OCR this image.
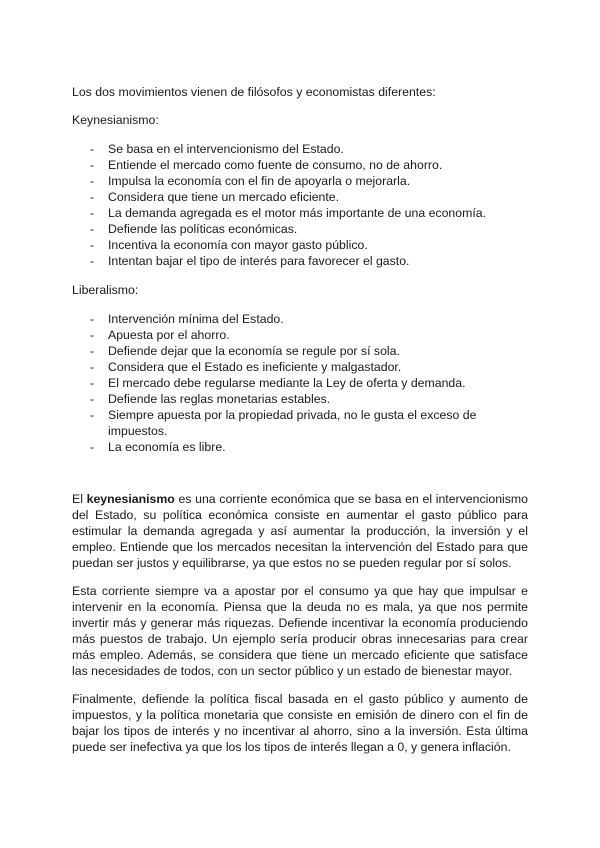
Los dos movimientos vienen de filósofos y economistas diferentes:

Keynesianismo:

- Se basa en el intervencionismo del Estado.
- Entiende el mercado como fuente de consumo, no de ahorro.
- Impulsa la economía con el fin de apoyarla o mejorarla.
- Considera que tiene un mercado eficiente.
- La demanda agregada es el motor más importante de una economía.
- Defiende las políticas económicas.
- Incentiva la economía con mayor gasto público.
- Intentan bajar el tipo de interés para favorecer el gasto.

Liberalismo:

- Intervención mínima del Estado.
- Apuesta por el ahorro.
- Defiende dejar que la economía se regule por sí sola.
- Considera que el Estado es ineficiente y malgastador.
- El mercado debe regularse mediante la Ley de oferta y demanda.
- Defiende las reglas monetarias estables.
- Siempre apuesta por la propiedad privada, no le gusta el exceso de impuestos.
- La economía es libre.

El keynesianismo es una corriente económica que se basa en el intervencionismo del Estado, su política económica consiste en aumentar el gasto público para estimular la demanda agregada y así aumentar la producción, la inversión y el empleo. Entiende que los mercados necesitan la intervención del Estado para que puedan ser justos y equilibrarse, ya que estos no se pueden regular por sí solos.

Esta corriente siempre va a apostar por el consumo ya que hay que impulsar e intervenir en la economía. Piensa que la deuda no es mala, ya que nos permite invertir más y generar más riquezas. Defiende incentivar la economía produciendo más puestos de trabajo. Un ejemplo sería producir obras innecesarias para crear más empleo. Además, se considera que tiene un mercado eficiente que satisface las necesidades de todos, con un sector público y un estado de bienestar mayor.

Finalmente, defiende la política fiscal basada en el gasto público y aumento de impuestos, y la política monetaria que consiste en emisión de dinero con el fin de bajar los tipos de interés y no incentivar al ahorro, sino a la inversión. Esta última puede ser inefectiva ya que los los tipos de interés llegan a 0, y genera inflación.
